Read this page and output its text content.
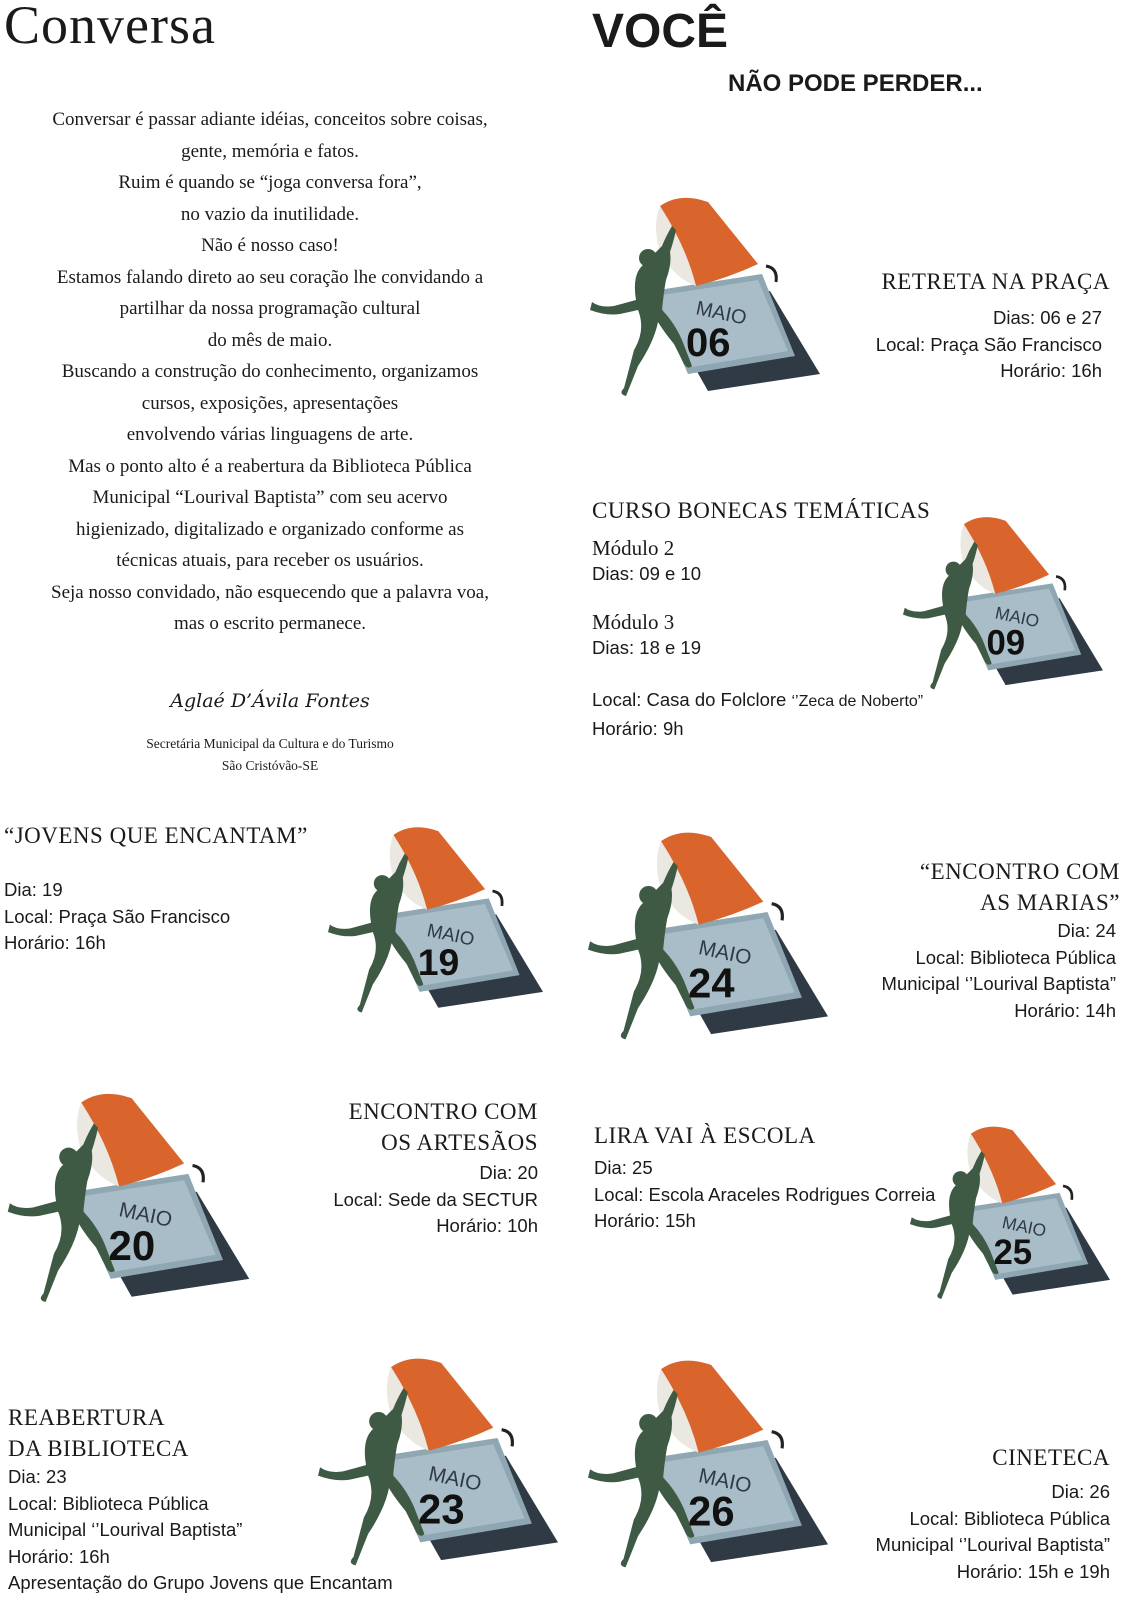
Conversa
Conversar é passar adiante idéias, conceitos sobre coisas,
gente, memória e fatos.
Ruim é quando se “joga conversa fora”,
no vazio da inutilidade.
Não é nosso caso!
Estamos falando direto ao seu coração lhe convidando a
partilhar da nossa programação cultural
do mês de maio.
Buscando a construção do conhecimento, organizamos
cursos, exposições, apresentações
envolvendo várias linguagens de arte.
Mas o ponto alto é a reabertura da Biblioteca Pública
Municipal “Lourival Baptista” com seu acervo
higienizado, digitalizado e organizado conforme as
técnicas atuais, para receber os usuários.
Seja nosso convidado, não esquecendo que a palavra voa,
mas o escrito permanece.
Aglaé D’Ávila Fontes
Secretária Municipal da Cultura e do Turismo
São Cristóvão-SE
VOCÊ
NÃO PODE PERDER...
MAIO
06
RETRETA NA PRAÇA
Dias: 06 e 27
Local: Praça São Francisco
Horário: 16h
CURSO BONECAS TEMÁTICAS
Módulo 2
Dias: 09 e 10
Módulo 3
Dias: 18 e 19
Local: Casa do Folclore ‘’Zeca de Noberto”
Horário: 9h
MAIO
09
“JOVENS QUE ENCANTAM”
Dia: 19
Local: Praça São Francisco
Horário: 16h	MAIO
19	MAIO
24
“ENCONTRO COM
AS MARIAS”
Dia: 24
Local: Biblioteca Pública
Municipal ‘’Lourival Baptista”
Horário: 14h
MAIO
20
ENCONTRO COM
OS ARTESÃOS
Dia: 20
Local: Sede da SECTUR
Horário: 10h
LIRA VAI À ESCOLA
Dia: 25
Local: Escola Araceles Rodrigues Correia
Horário: 15h	MAIO
25
REABERTURA
DA BIBLIOTECA
Dia: 23
Local: Biblioteca Pública
Municipal ‘’Lourival Baptista”
Horário: 16h
Apresentação do Grupo Jovens que Encantam
MAIO
23
MAIO
26
CINETECA
Dia: 26
Local: Biblioteca Pública
Municipal ‘’Lourival Baptista”
Horário: 15h e 19h
